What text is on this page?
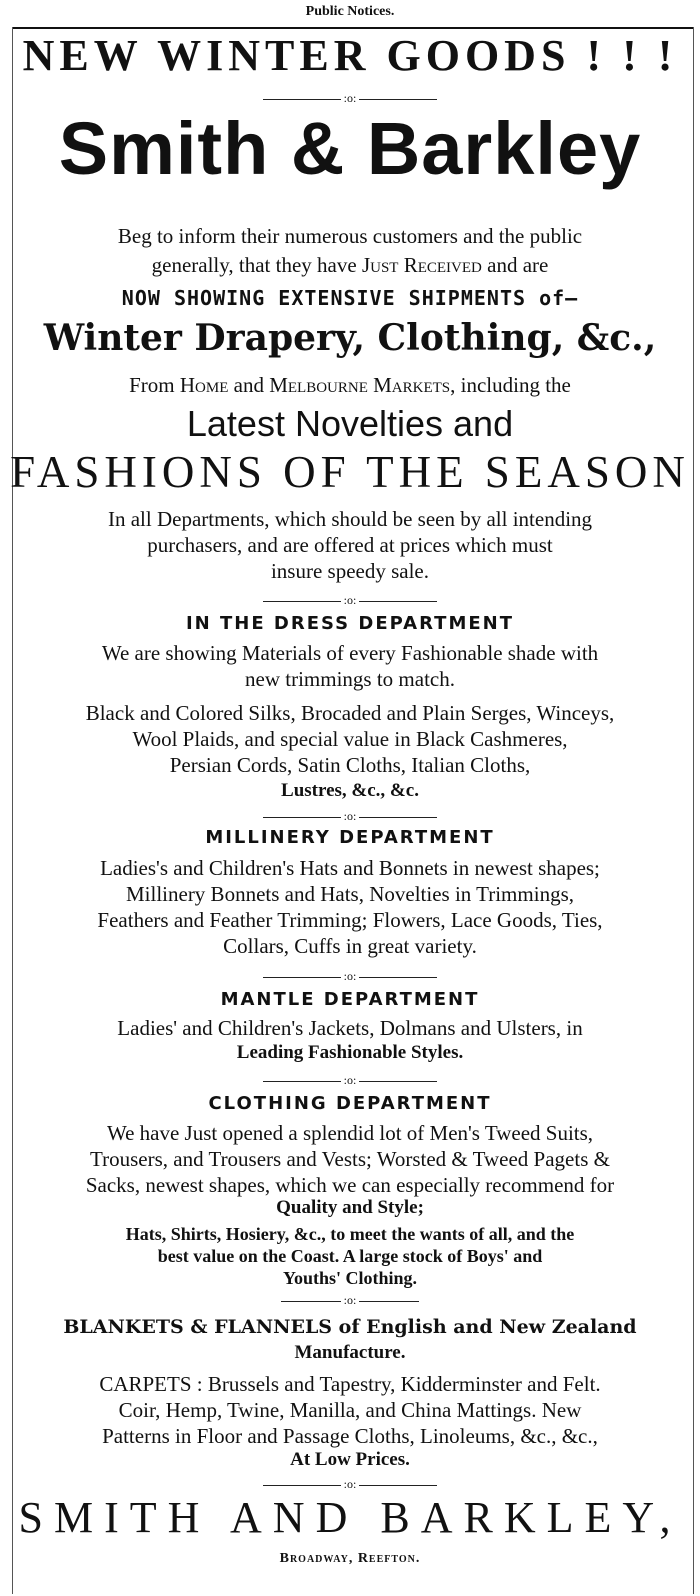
Public Notices.
NEW WINTER GOODS ! ! !
:o:
Smith & Barkley
Beg to inform their numerous customers and the public
generally, that they have Just Received and are
NOW SHOWING EXTENSIVE SHIPMENTS of—
Winter Drapery, Clothing, &c.,
From Home and Melbourne Markets, including the
Latest Novelties and
FASHIONS OF THE SEASON
In all Departments, which should be seen by all intending
purchasers, and are offered at prices which must
insure speedy sale.
:o:
IN THE DRESS DEPARTMENT
We are showing Materials of every Fashionable shade with
new trimmings to match.
Black and Colored Silks, Brocaded and Plain Serges, Winceys,
Wool Plaids, and special value in Black Cashmeres,
Persian Cords, Satin Cloths, Italian Cloths,
Lustres, &c., &c.
:o:
MILLINERY DEPARTMENT
Ladies's and Children's Hats and Bonnets in newest shapes;
Millinery Bonnets and Hats, Novelties in Trimmings,
Feathers and Feather Trimming; Flowers, Lace Goods, Ties,
Collars, Cuffs in great variety.
:o:
MANTLE DEPARTMENT
Ladies' and Children's Jackets, Dolmans and Ulsters, in
Leading Fashionable Styles.
:o:
CLOTHING DEPARTMENT
We have Just opened a splendid lot of Men's Tweed Suits,
Trousers, and Trousers and Vests; Worsted & Tweed Pagets &
Sacks, newest shapes, which we can especially recommend for
Quality and Style;
Hats, Shirts, Hosiery, &c., to meet the wants of all, and the
best value on the Coast. A large stock of Boys' and
Youths' Clothing.
:o:
BLANKETS & FLANNELS of English and New Zealand
Manufacture.
CARPETS : Brussels and Tapestry, Kidderminster and Felt.
Coir, Hemp, Twine, Manilla, and China Mattings. New
Patterns in Floor and Passage Cloths, Linoleums, &c., &c.,
At Low Prices.
:o:
SMITH AND BARKLEY,
Broadway, Reefton.
